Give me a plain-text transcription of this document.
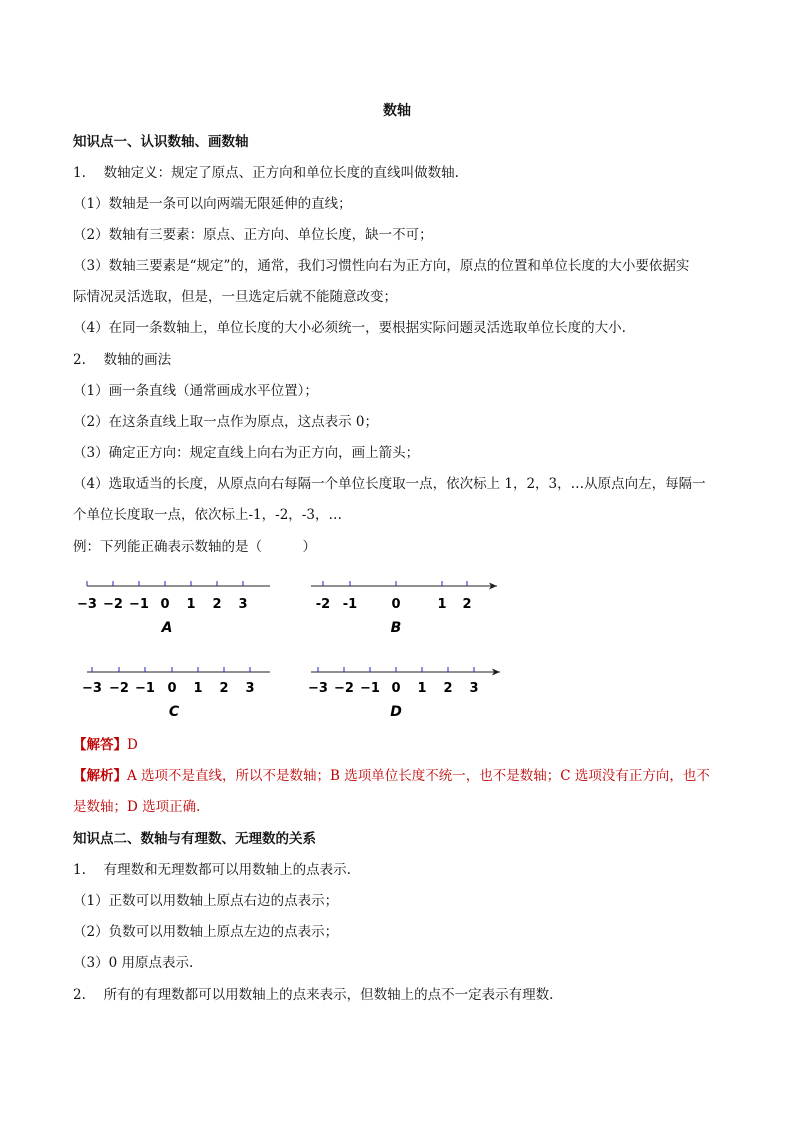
数轴
知识点一、认识数轴、画数轴
1.　 数轴定义：规定了原点、正方向和单位长度的直线叫做数轴.
（1）数轴是一条可以向两端无限延伸的直线；
（2）数轴有三要素：原点、正方向、单位长度，缺一不可；
（3）数轴三要素是“规定”的，通常，我们习惯性向右为正方向，原点的位置和单位长度的大小要依据实
际情况灵活选取，但是，一旦选定后就不能随意改变；
（4）在同一条数轴上，单位长度的大小必须统一，要根据实际问题灵活选取单位长度的大小.
2.　 数轴的画法
（1）画一条直线（通常画成水平位置）；
（2）在这条直线上取一点作为原点，这点表示 0；
（3）确定正方向：规定直线上向右为正方向，画上箭头；
（4）选取适当的长度，从原点向右每隔一个单位长度取一点，依次标上 1，2，3，…从原点向左，每隔一
个单位长度取一点，依次标上-1，-2，-3，…
例：下列能正确表示数轴的是（　　　）
−3 −2 −1 0 1 2 3
A
-2 -1	0	1 2
B
−3 −2 −1 0 1 2 3
C
−3 −2 −1 0 1 2 3
D
【解答】D
【解析】A 选项不是直线，所以不是数轴；B 选项单位长度不统一，也不是数轴；C 选项没有正方向，也不
是数轴；D 选项正确.
知识点二、数轴与有理数、无理数的关系
1.　 有理数和无理数都可以用数轴上的点表示.
（1）正数可以用数轴上原点右边的点表示；
（2）负数可以用数轴上原点左边的点表示；
（3）0 用原点表示.
2.　 所有的有理数都可以用数轴上的点来表示，但数轴上的点不一定表示有理数.
